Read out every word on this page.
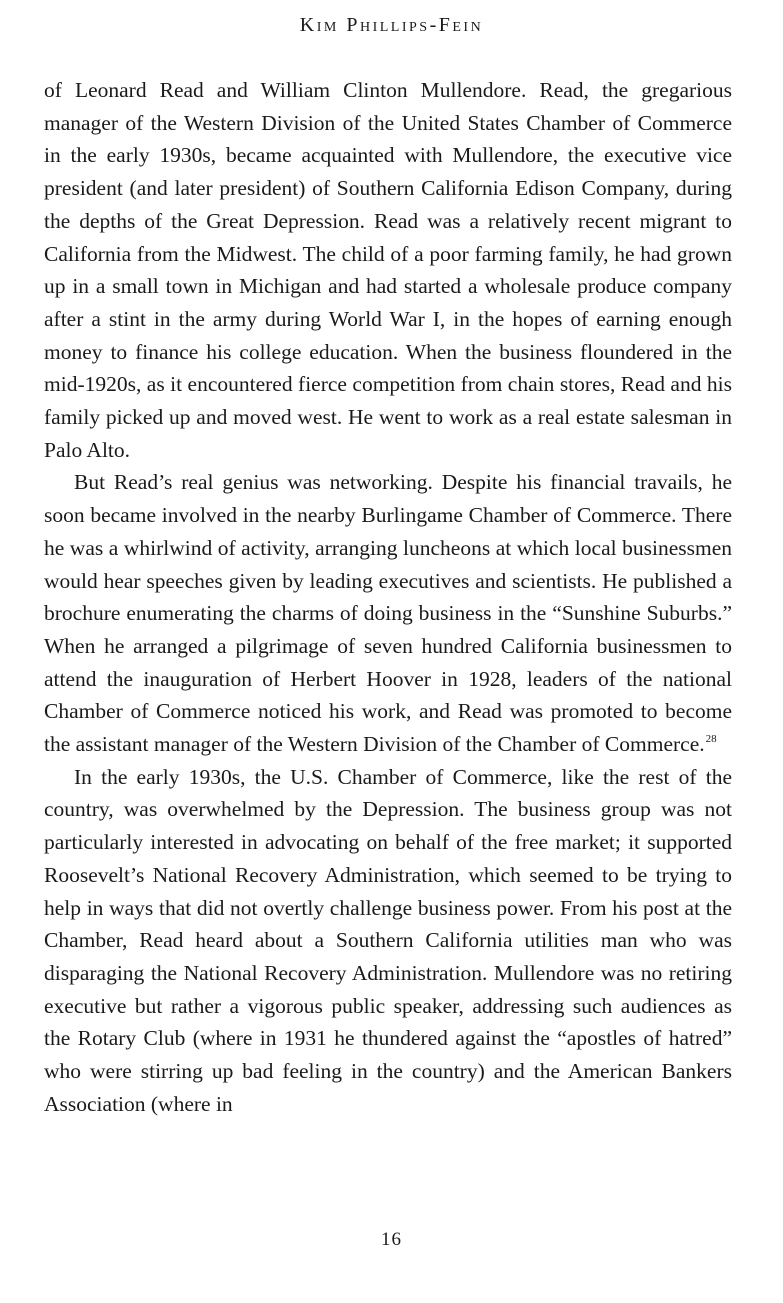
Kim Phillips-Fein

of Leonard Read and William Clinton Mullendore. Read, the gregarious manager of the Western Division of the United States Chamber of Commerce in the early 1930s, became acquainted with Mullendore, the executive vice president (and later president) of Southern California Edison Company, during the depths of the Great Depression. Read was a relatively recent migrant to California from the Midwest. The child of a poor farming family, he had grown up in a small town in Michigan and had started a wholesale produce company after a stint in the army during World War I, in the hopes of earning enough money to finance his college education. When the business floundered in the mid-1920s, as it encountered fierce competition from chain stores, Read and his family picked up and moved west. He went to work as a real estate salesman in Palo Alto.

But Read’s real genius was networking. Despite his financial travails, he soon became involved in the nearby Burlingame Chamber of Commerce. There he was a whirlwind of activity, arranging luncheons at which local businessmen would hear speeches given by leading executives and scientists. He published a brochure enumerating the charms of doing business in the “Sunshine Suburbs.” When he arranged a pilgrimage of seven hundred California businessmen to attend the inauguration of Herbert Hoover in 1928, leaders of the national Chamber of Commerce noticed his work, and Read was promoted to become the assistant manager of the Western Division of the Chamber of Commerce.$^{28}$

In the early 1930s, the U.S. Chamber of Commerce, like the rest of the country, was overwhelmed by the Depression. The business group was not particularly interested in advocating on behalf of the free market; it supported Roosevelt’s National Recovery Administration, which seemed to be trying to help in ways that did not overtly challenge business power. From his post at the Chamber, Read heard about a Southern California utilities man who was disparaging the National Recovery Administration. Mullendore was no retiring executive but rather a vigorous public speaker, addressing such audiences as the Rotary Club (where in 1931 he thundered against the “apostles of hatred” who were stirring up bad feeling in the country) and the American Bankers Association (where in

16
